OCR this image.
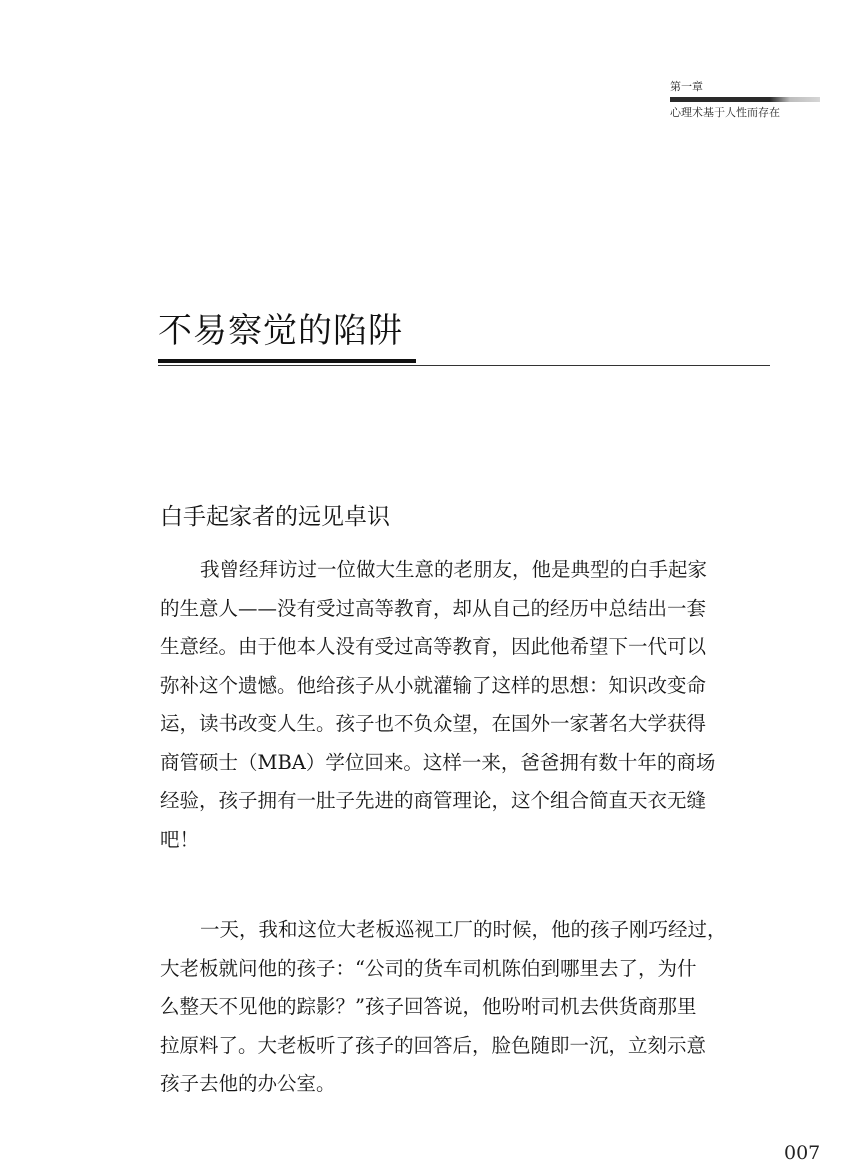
第一章
心理术基于人性而存在
不易察觉的陷阱
白手起家者的远见卓识
我曾经拜访过一位做大生意的老朋友，他是典型的白手起家
的生意人——没有受过高等教育，却从自己的经历中总结出一套
生意经。由于他本人没有受过高等教育，因此他希望下一代可以
弥补这个遗憾。他给孩子从小就灌输了这样的思想：知识改变命
运，读书改变人生。孩子也不负众望，在国外一家著名大学获得
商管硕士（MBA）学位回来。这样一来，爸爸拥有数十年的商场
经验，孩子拥有一肚子先进的商管理论，这个组合简直天衣无缝
吧！
一天，我和这位大老板巡视工厂的时候，他的孩子刚巧经过，
大老板就问他的孩子：“公司的货车司机陈伯到哪里去了，为什
么整天不见他的踪影？”孩子回答说，他吩咐司机去供货商那里
拉原料了。大老板听了孩子的回答后，脸色随即一沉，立刻示意
孩子去他的办公室。
007
